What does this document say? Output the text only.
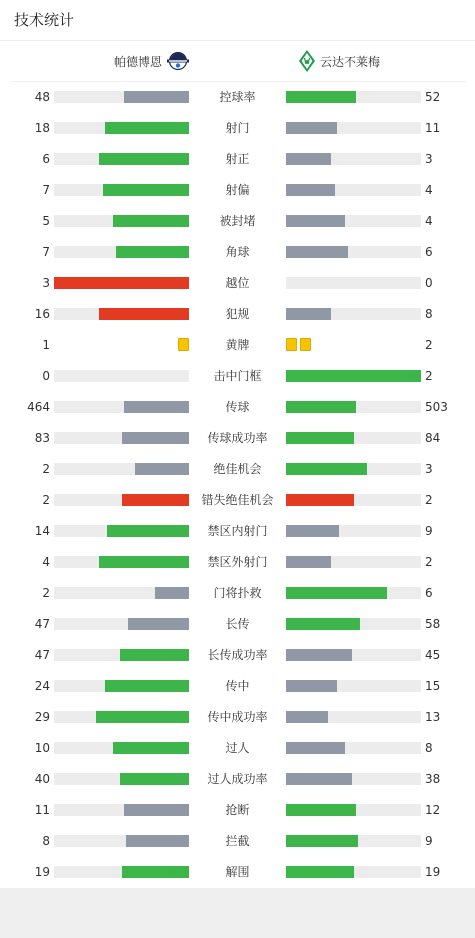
技术统计
帕德博恩	云达不莱梅
48	控球率	52
18	射门	11
6	射正	3
7	射偏	4
5	被封堵	4
7	角球	6
3	越位	0
16	犯规	8
1	黄牌	2
0	击中门框	2
464	传球	503
83	传球成功率	84
2	绝佳机会	3
2	错失绝佳机会	2
14	禁区内射门	9
4	禁区外射门	2
2	门将扑救	6
47	长传	58
47	长传成功率	45
24	传中	15
29	传中成功率	13
10	过人	8
40	过人成功率	38
11	抢断	12
8	拦截	9
19	解围	19
